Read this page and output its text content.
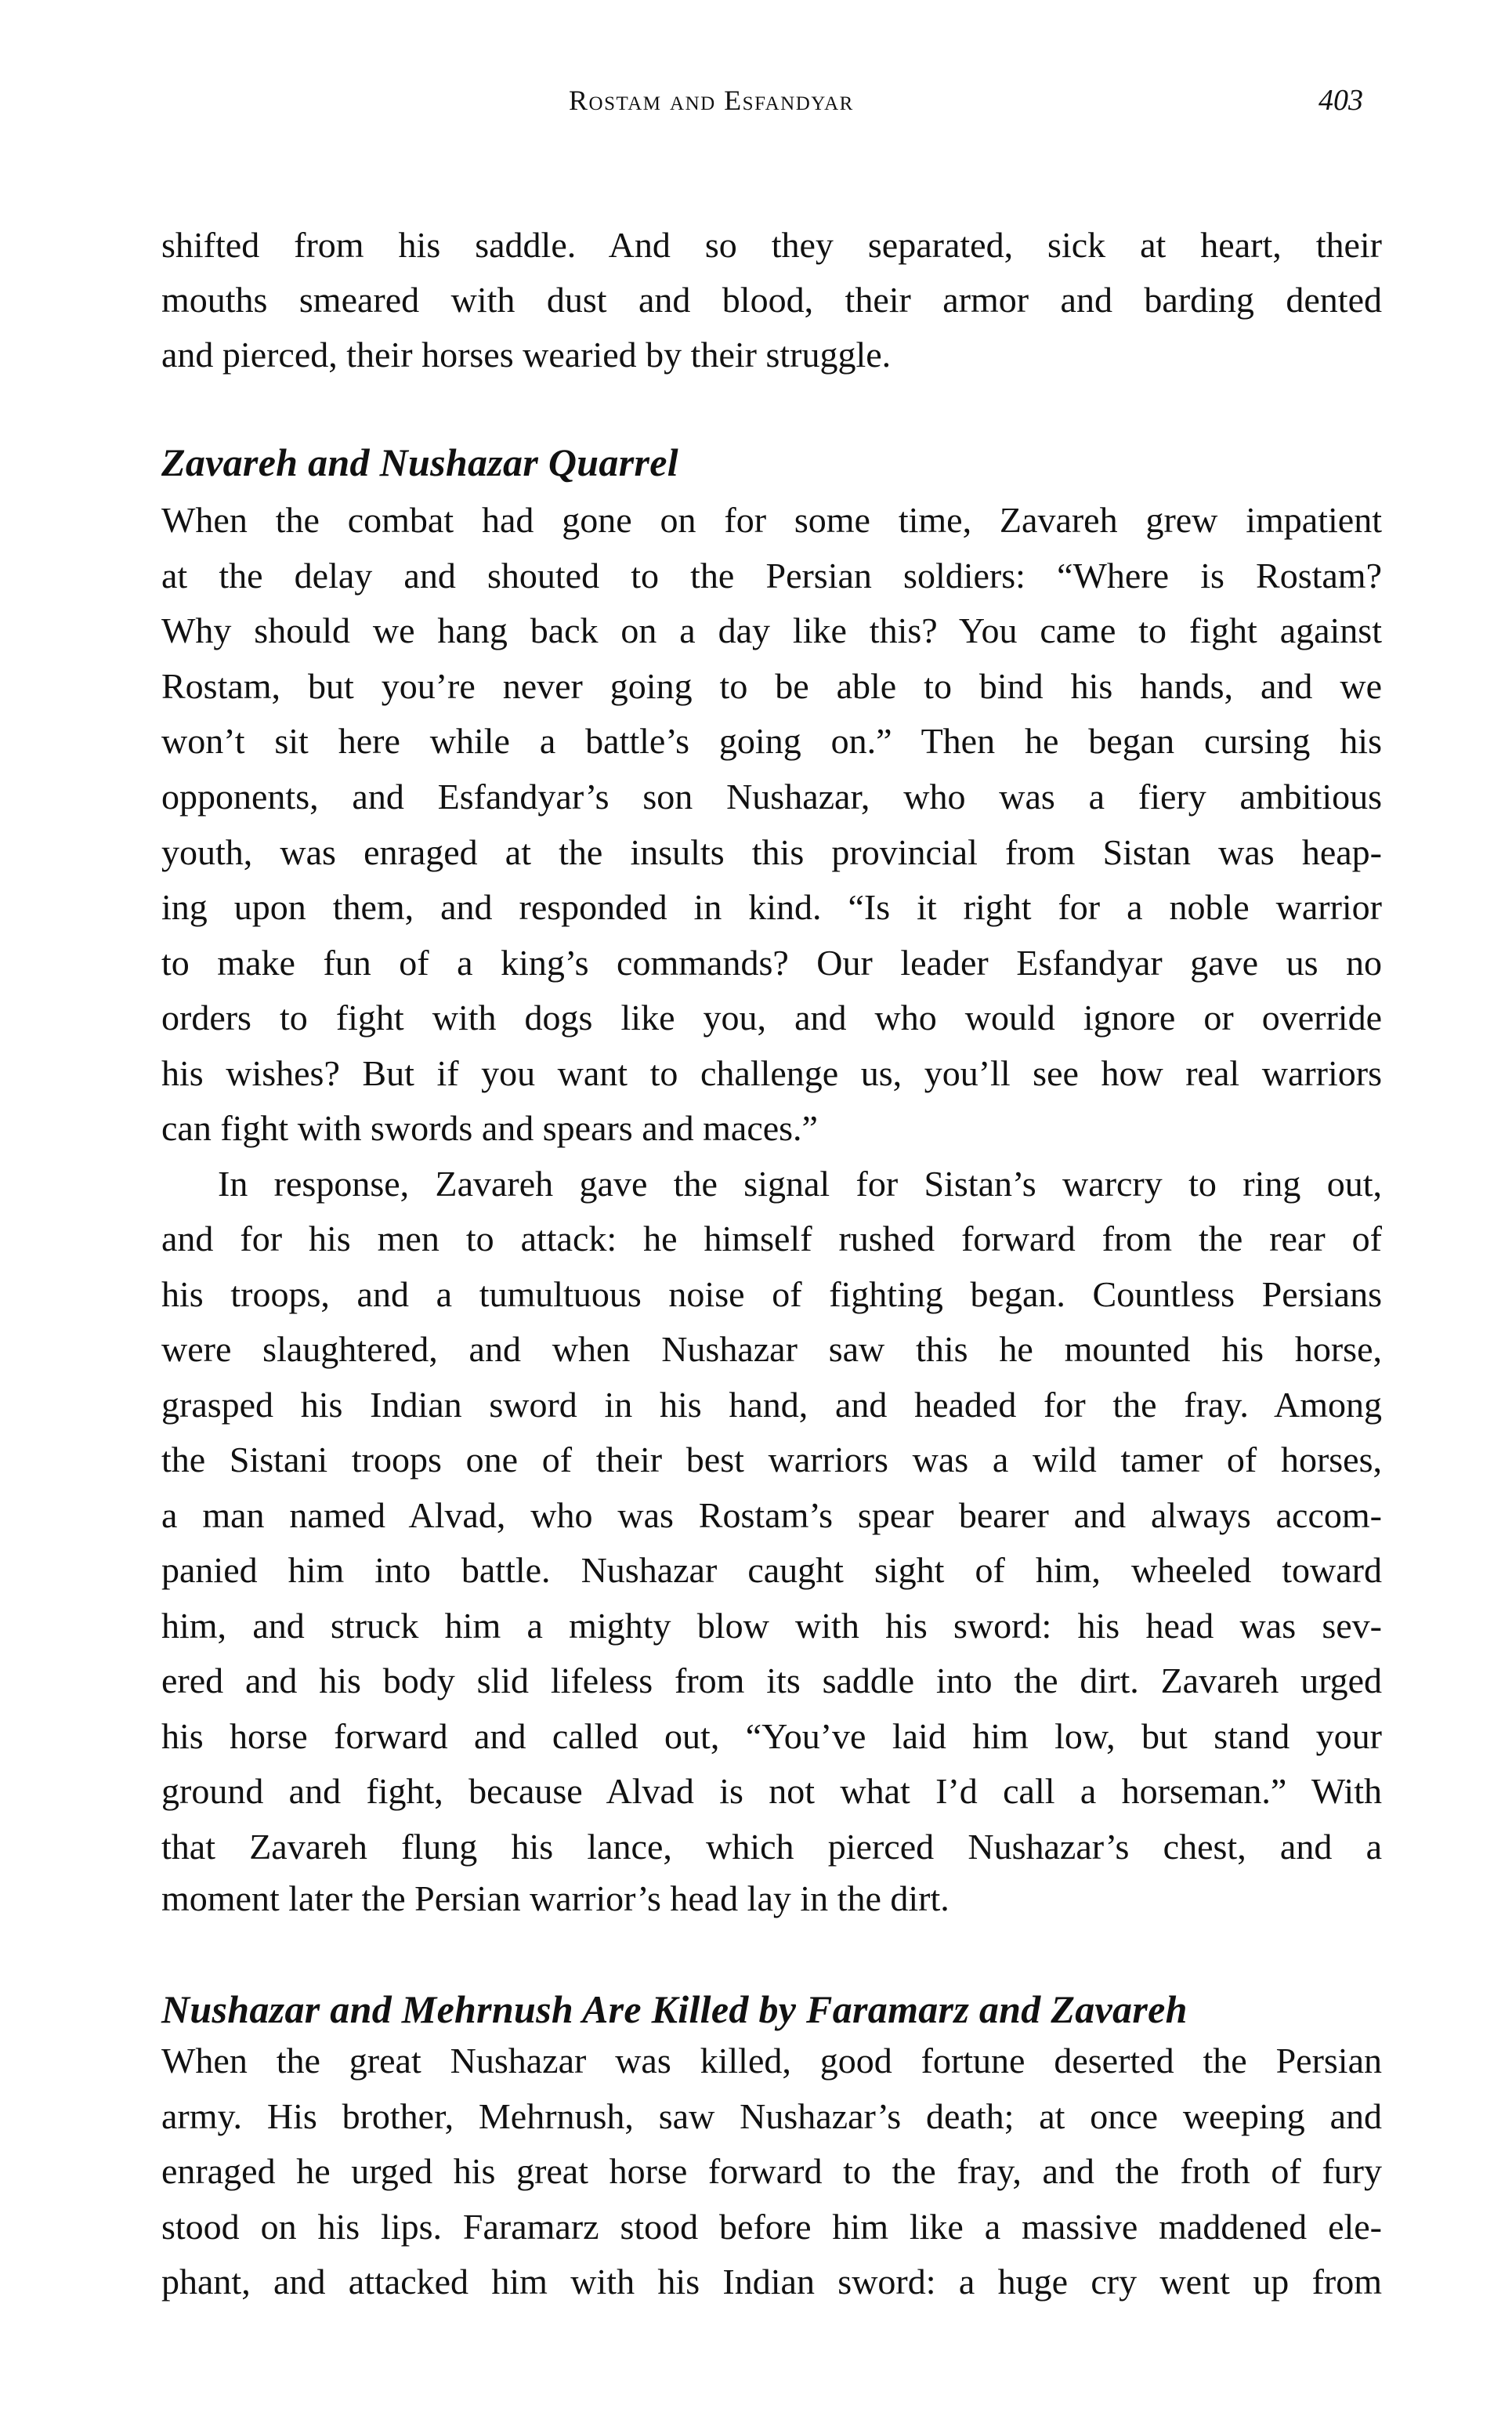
Rostam and Esfandyar	403
shifted from his saddle. And so they separated, sick at heart, their
mouths smeared with dust and blood, their armor and barding dented
and pierced, their horses wearied by their struggle.
Zavareh and Nushazar Quarrel
When the combat had gone on for some time, Zavareh grew impatient
at the delay and shouted to the Persian soldiers: “Where is Rostam?
Why should we hang back on a day like this? You came to fight against
Rostam, but you’re never going to be able to bind his hands, and we
won’t sit here while a battle’s going on.” Then he began cursing his
opponents, and Esfandyar’s son Nushazar, who was a fiery ambitious
youth, was enraged at the insults this provincial from Sistan was heap-
ing upon them, and responded in kind. “Is it right for a noble warrior
to make fun of a king’s commands? Our leader Esfandyar gave us no
orders to fight with dogs like you, and who would ignore or override
his wishes? But if you want to challenge us, you’ll see how real warriors
can fight with swords and spears and maces.”
In response, Zavareh gave the signal for Sistan’s warcry to ring out,
and for his men to attack: he himself rushed forward from the rear of
his troops, and a tumultuous noise of fighting began. Countless Persians
were slaughtered, and when Nushazar saw this he mounted his horse,
grasped his Indian sword in his hand, and headed for the fray. Among
the Sistani troops one of their best warriors was a wild tamer of horses,
a man named Alvad, who was Rostam’s spear bearer and always accom-
panied him into battle. Nushazar caught sight of him, wheeled toward
him, and struck him a mighty blow with his sword: his head was sev-
ered and his body slid lifeless from its saddle into the dirt. Zavareh urged
his horse forward and called out, “You’ve laid him low, but stand your
ground and fight, because Alvad is not what I’d call a horseman.” With
that Zavareh flung his lance, which pierced Nushazar’s chest, and a
moment later the Persian warrior’s head lay in the dirt.
Nushazar and Mehrnush Are Killed by Faramarz and Zavareh
When the great Nushazar was killed, good fortune deserted the Persian
army. His brother, Mehrnush, saw Nushazar’s death; at once weeping and
enraged he urged his great horse forward to the fray, and the froth of fury
stood on his lips. Faramarz stood before him like a massive maddened ele-
phant, and attacked him with his Indian sword: a huge cry went up from
